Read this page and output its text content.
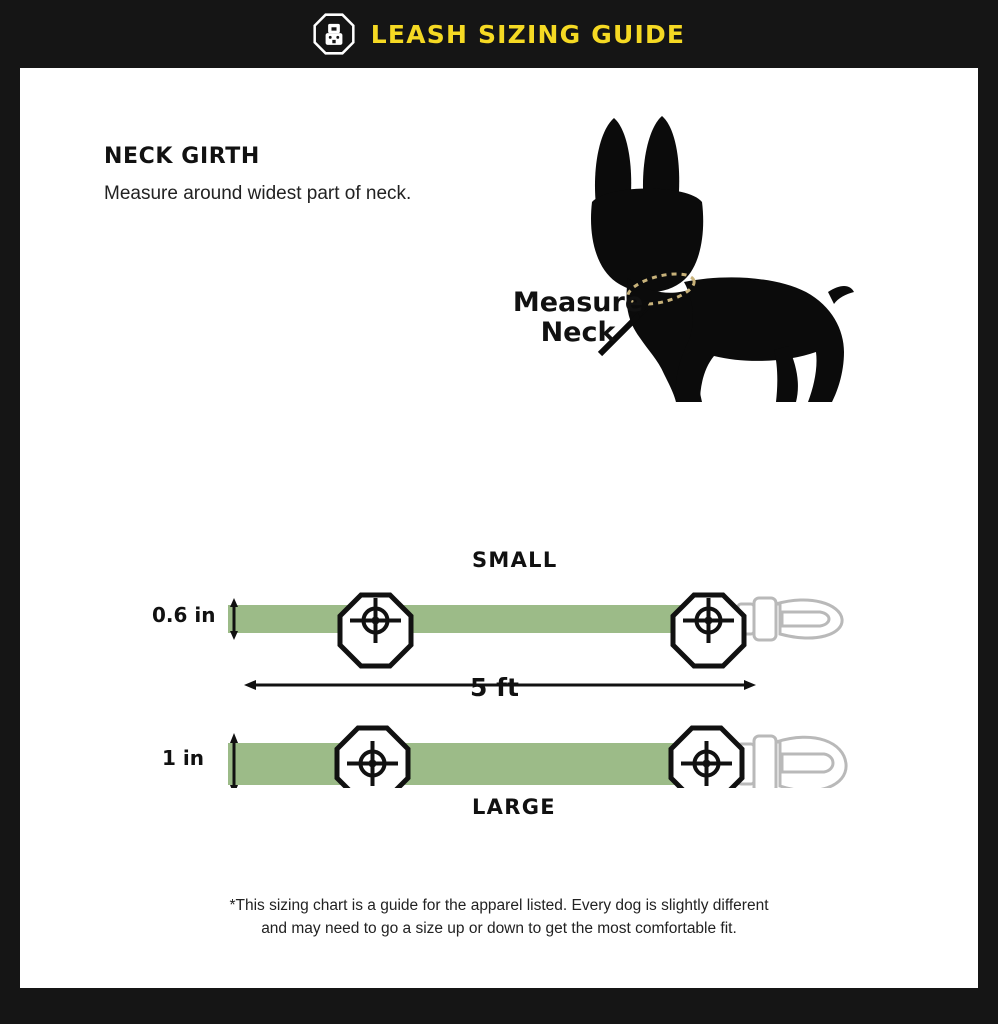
LEASH SIZING GUIDE
NECK GIRTH

Measure around widest part of neck.

Measure
Neck
SMALL
0.6 in
5 ft
LARGE
1 in
*This sizing chart is a guide for the apparel listed. Every dog is slightly different
and may need to go a size up or down to get the most comfortable fit.
